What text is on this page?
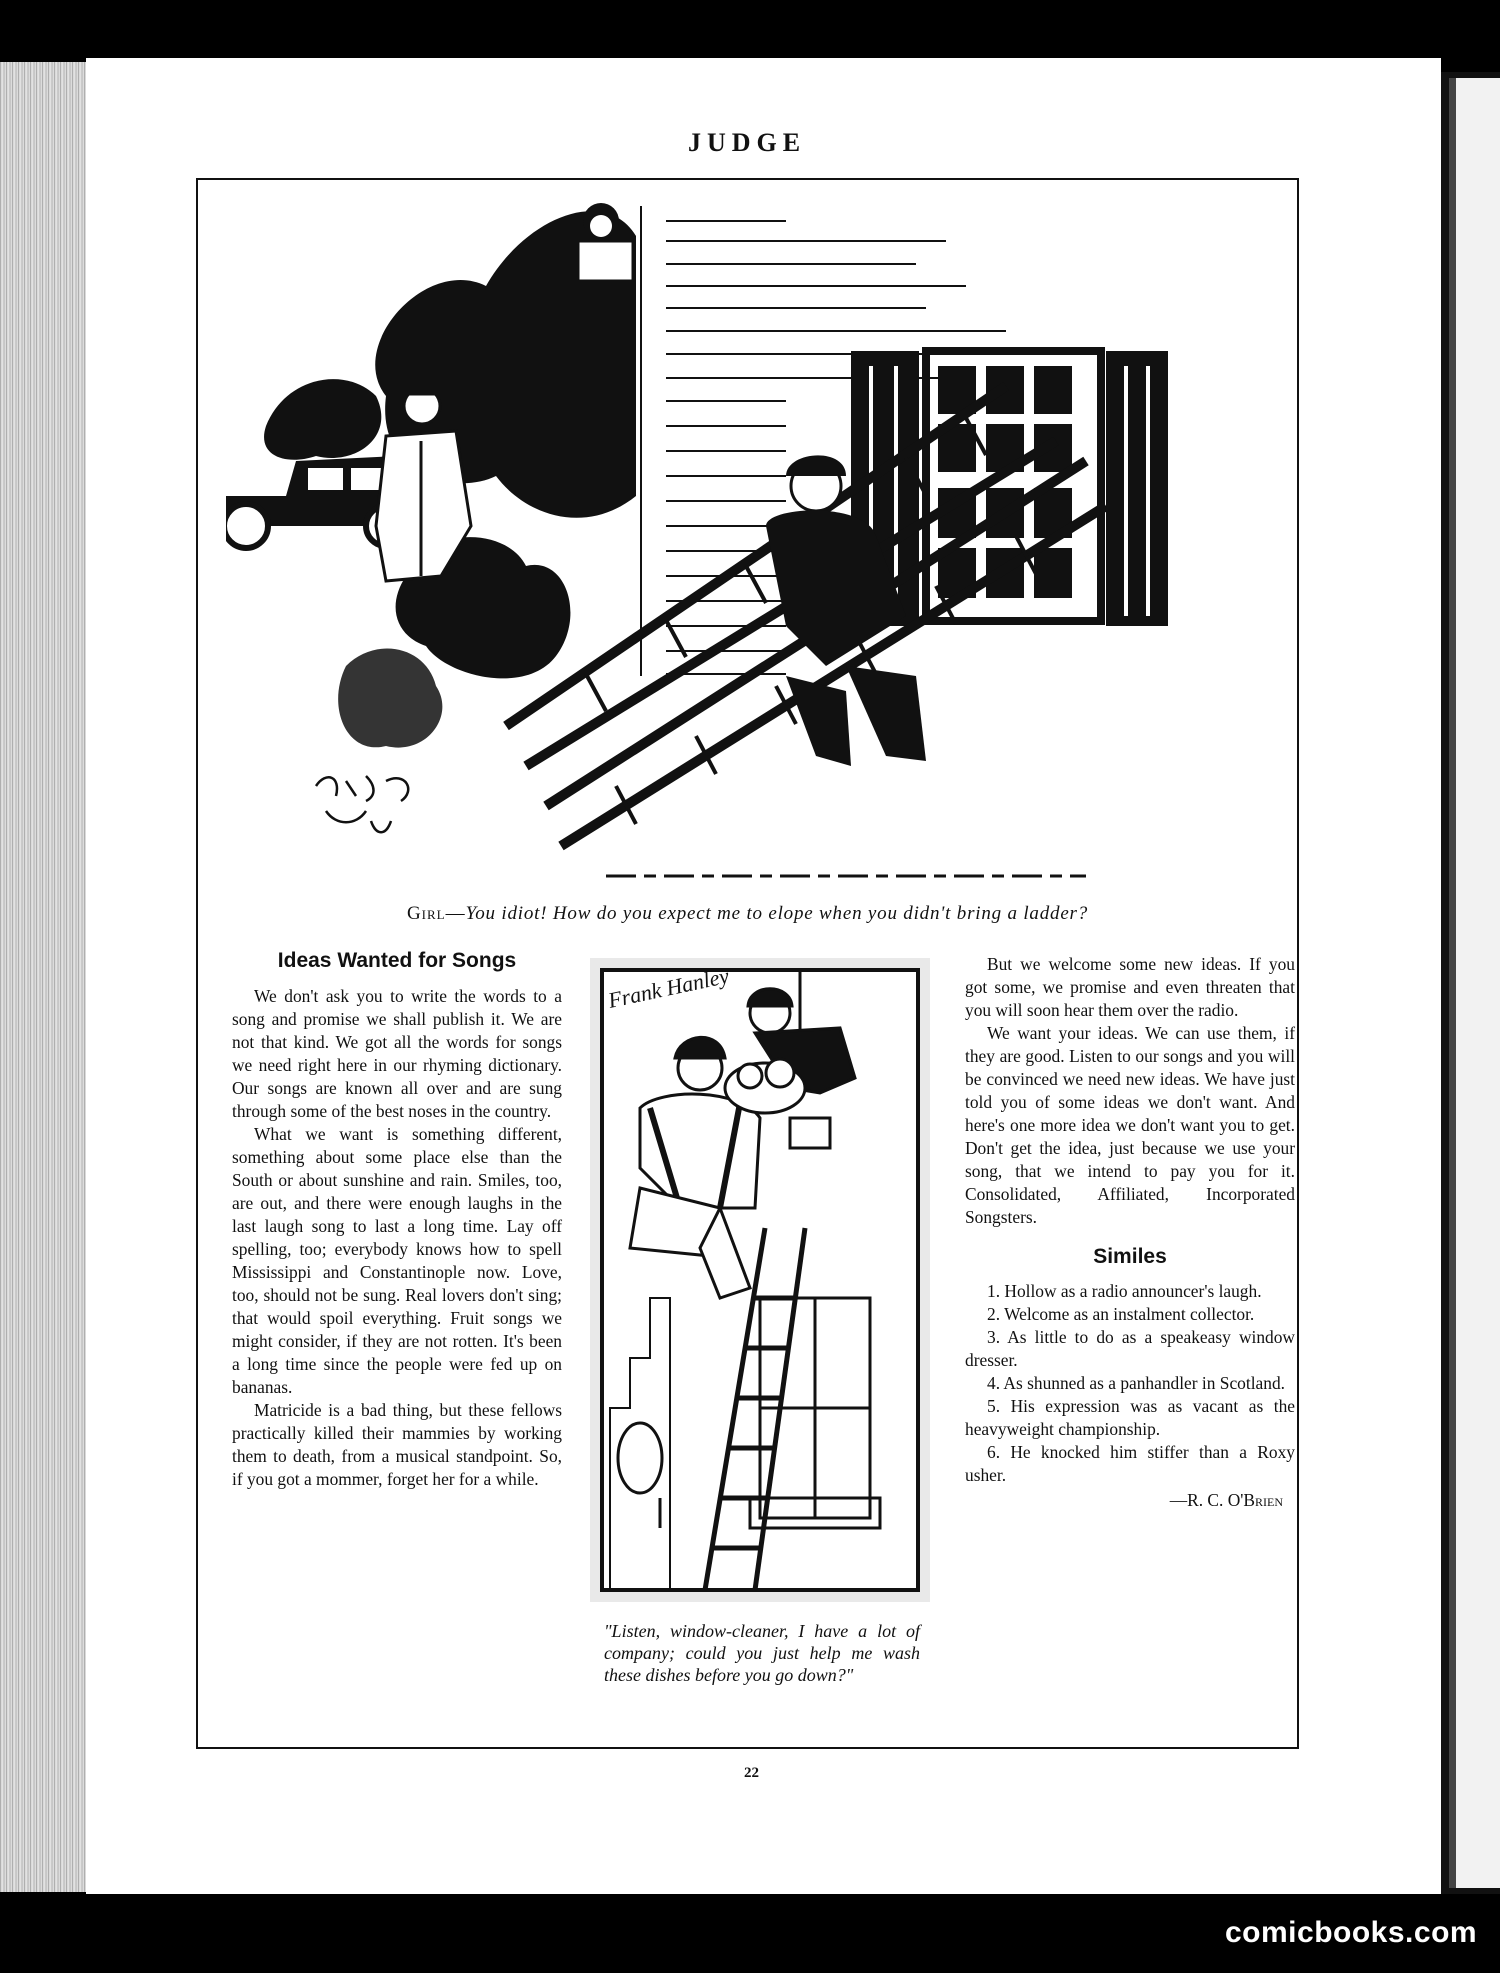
JUDGE
Girl—You idiot! How do you expect me to elope when you didn't bring a ladder?
Ideas Wanted for Songs

We don't ask you to write the words to a song and promise we shall publish it. We are not that kind. We got all the words for songs we need right here in our rhyming dictionary. Our songs are known all over and are sung through some of the best noses in the country.

What we want is something different, something about some place else than the South or about sunshine and rain. Smiles, too, are out, and there were enough laughs in the last laugh song to last a long time. Lay off spelling, too; everybody knows how to spell Mississippi and Constantinople now. Love, too, should not be sung. Real lovers don't sing; that would spoil everything. Fruit songs we might consider, if they are not rotten. It's been a long time since the people were fed up on bananas.

Matricide is a bad thing, but these fellows practically killed their mammies by working them to death, from a musical standpoint. So, if you got a mommer, forget her for a while.

Frank Hanley
"Listen, window-cleaner, I have a lot of company; could you just help me wash these dishes before you go down?"

But we welcome some new ideas. If you got some, we promise and even threaten that you will soon hear them over the radio.

We want your ideas. We can use them, if they are good. Listen to our songs and you will be convinced we need new ideas. We have just told you of some ideas we don't want. And here's one more idea we don't want you to get. Don't get the idea, just because we use your song, that we intend to pay you for it. Consolidated, Affiliated, Incorporated Songsters.

Similes

1. Hollow as a radio announcer's laugh.

2. Welcome as an instalment collector.

3. As little to do as a speakeasy window dresser.

4. As shunned as a panhandler in Scotland.

5. His expression was as vacant as the heavyweight championship.

6. He knocked him stiffer than a Roxy usher.

—R. C. O'Brien
22
comicbooks.com
